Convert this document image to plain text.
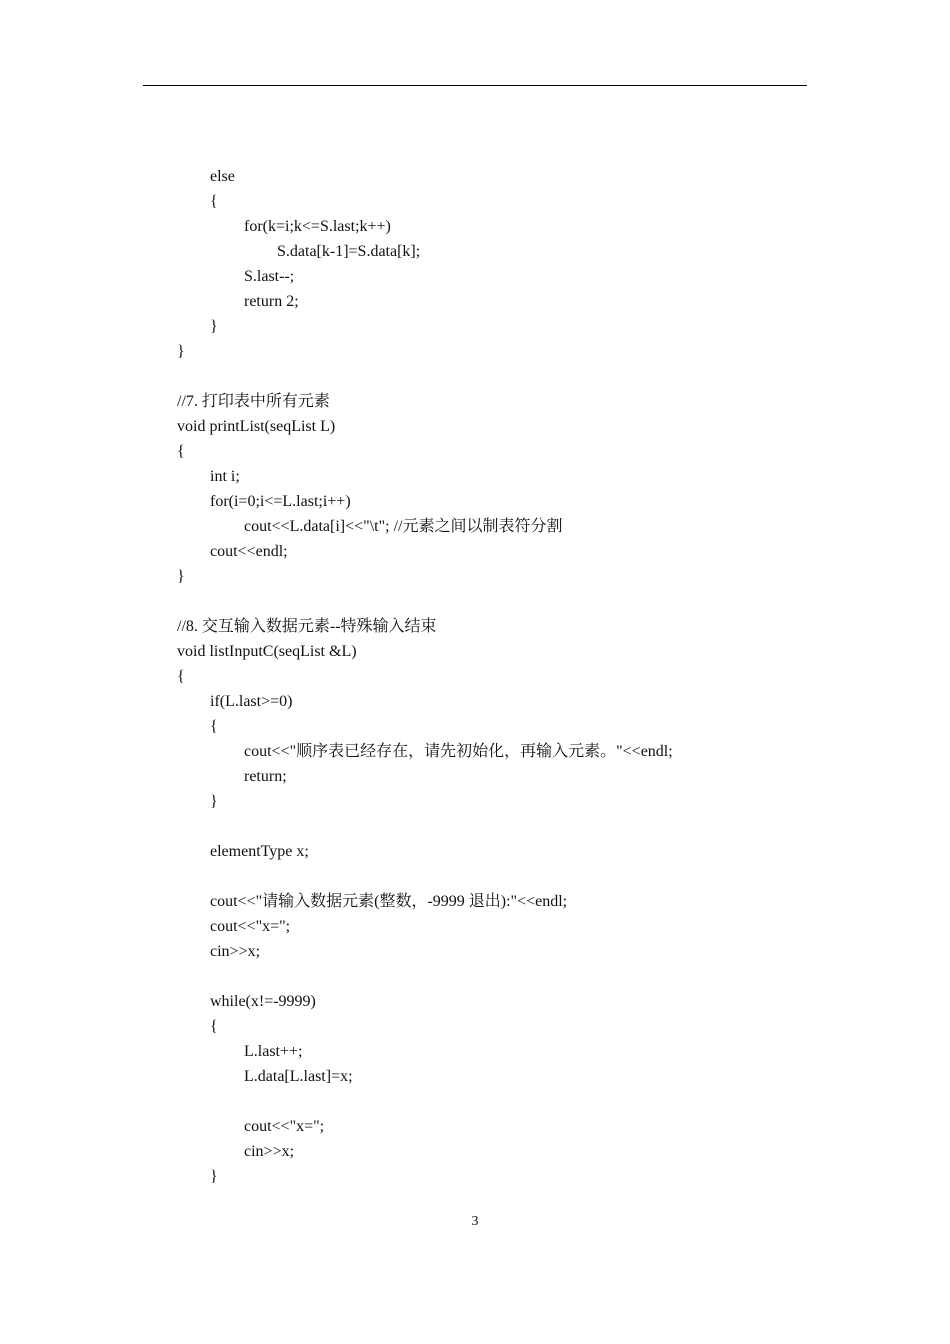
else
{
for(k=i;k<=S.last;k++)
S.data[k-1]=S.data[k];
S.last--;
return 2;
}
}
//7. 打印表中所有元素
void printList(seqList L)
{
int i;
for(i=0;i<=L.last;i++)
cout<<L.data[i]<<"\t"; //元素之间以制表符分割
cout<<endl;
}
//8. 交互输入数据元素--特殊输入结束
void listInputC(seqList &L)
{
if(L.last>=0)
{
cout<<"顺序表已经存在，请先初始化，再输入元素。"<<endl;
return;
}
elementType x;
cout<<"请输入数据元素(整数，-9999 退出):"<<endl;
cout<<"x=";
cin>>x;
while(x!=-9999)
{
L.last++;
L.data[L.last]=x;
cout<<"x=";
cin>>x;
}
3
